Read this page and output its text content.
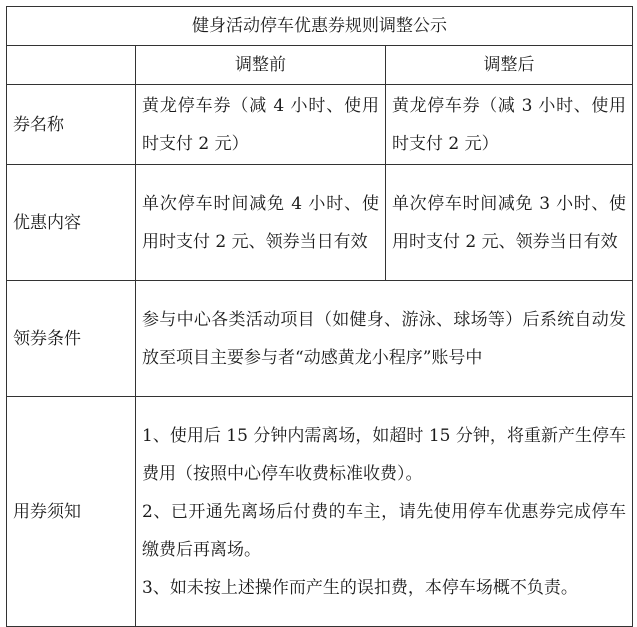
健身活动停车优惠券规则调整公示		
	调整前	调整后
券名称	黄龙停车券（减 4 小时、使用时支付 2 元）	黄龙停车券（减 3 小时、使用时支付 2 元）
优惠内容	单次停车时间减免 4 小时、使用时支付 2 元、领券当日有效	单次停车时间减免 3 小时、使用时支付 2 元、领券当日有效
领券条件	参与中心各类活动项目（如健身、游泳、球场等）后系统自动发放至项目主要参与者“动感黄龙小程序”账号中	
用券须知	1、使用后 15 分钟内需离场，如超时 15 分钟，将重新产生停车费用（按照中心停车收费标准收费）。
2、已开通先离场后付费的车主，请先使用停车优惠券完成停车缴费后再离场。
3、如未按上述操作而产生的误扣费，本停车场概不负责。	
